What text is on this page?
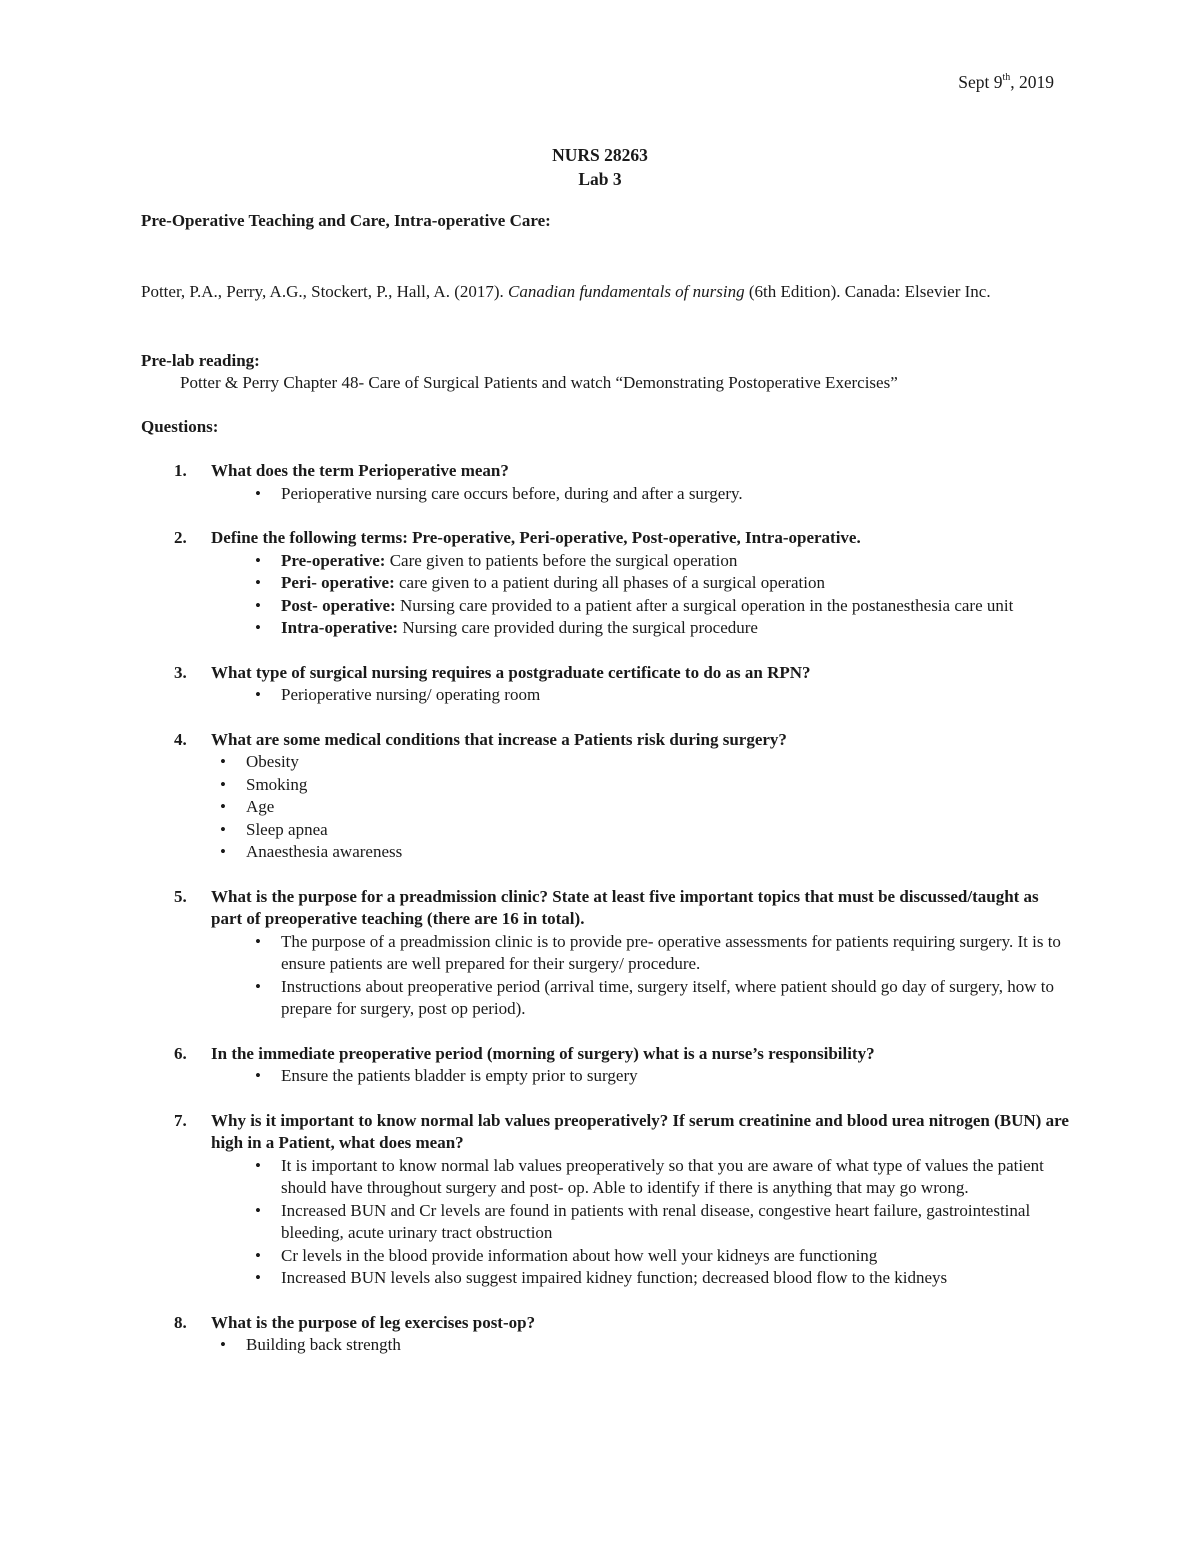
Sept 9th, 2019
NURS 28263
Lab 3
Pre-Operative Teaching and Care, Intra-operative Care:
Potter, P.A., Perry, A.G., Stockert, P., Hall, A. (2017). Canadian fundamentals of nursing (6th Edition). Canada: Elsevier Inc.
Pre-lab reading:
Potter & Perry Chapter 48- Care of Surgical Patients and watch “Demonstrating Postoperative Exercises”
Questions:
1. What does the term Perioperative mean?
• Perioperative nursing care occurs before, during and after a surgery.
2. Define the following terms: Pre-operative, Peri-operative, Post-operative, Intra-operative.
• Pre-operative: Care given to patients before the surgical operation
• Peri- operative: care given to a patient during all phases of a surgical operation
• Post- operative: Nursing care provided to a patient after a surgical operation in the postanesthesia care unit
• Intra-operative: Nursing care provided during the surgical procedure
3. What type of surgical nursing requires a postgraduate certificate to do as an RPN?
• Perioperative nursing/ operating room
4. What are some medical conditions that increase a Patients risk during surgery?
• Obesity
• Smoking
• Age
• Sleep apnea
• Anaesthesia awareness
5. What is the purpose for a preadmission clinic? State at least five important topics that must be discussed/taught as part of preoperative teaching (there are 16 in total).
• The purpose of a preadmission clinic is to provide pre- operative assessments for patients requiring surgery. It is to ensure patients are well prepared for their surgery/ procedure.
• Instructions about preoperative period (arrival time, surgery itself, where patient should go day of surgery, how to prepare for surgery, post op period).
6. In the immediate preoperative period (morning of surgery) what is a nurse’s responsibility?
• Ensure the patients bladder is empty prior to surgery
7. Why is it important to know normal lab values preoperatively? If serum creatinine and blood urea nitrogen (BUN) are high in a Patient, what does mean?
• It is important to know normal lab values preoperatively so that you are aware of what type of values the patient should have throughout surgery and post- op. Able to identify if there is anything that may go wrong.
• Increased BUN and Cr levels are found in patients with renal disease, congestive heart failure, gastrointestinal bleeding, acute urinary tract obstruction
• Cr levels in the blood provide information about how well your kidneys are functioning
• Increased BUN levels also suggest impaired kidney function; decreased blood flow to the kidneys
8. What is the purpose of leg exercises post-op?
• Building back strength
